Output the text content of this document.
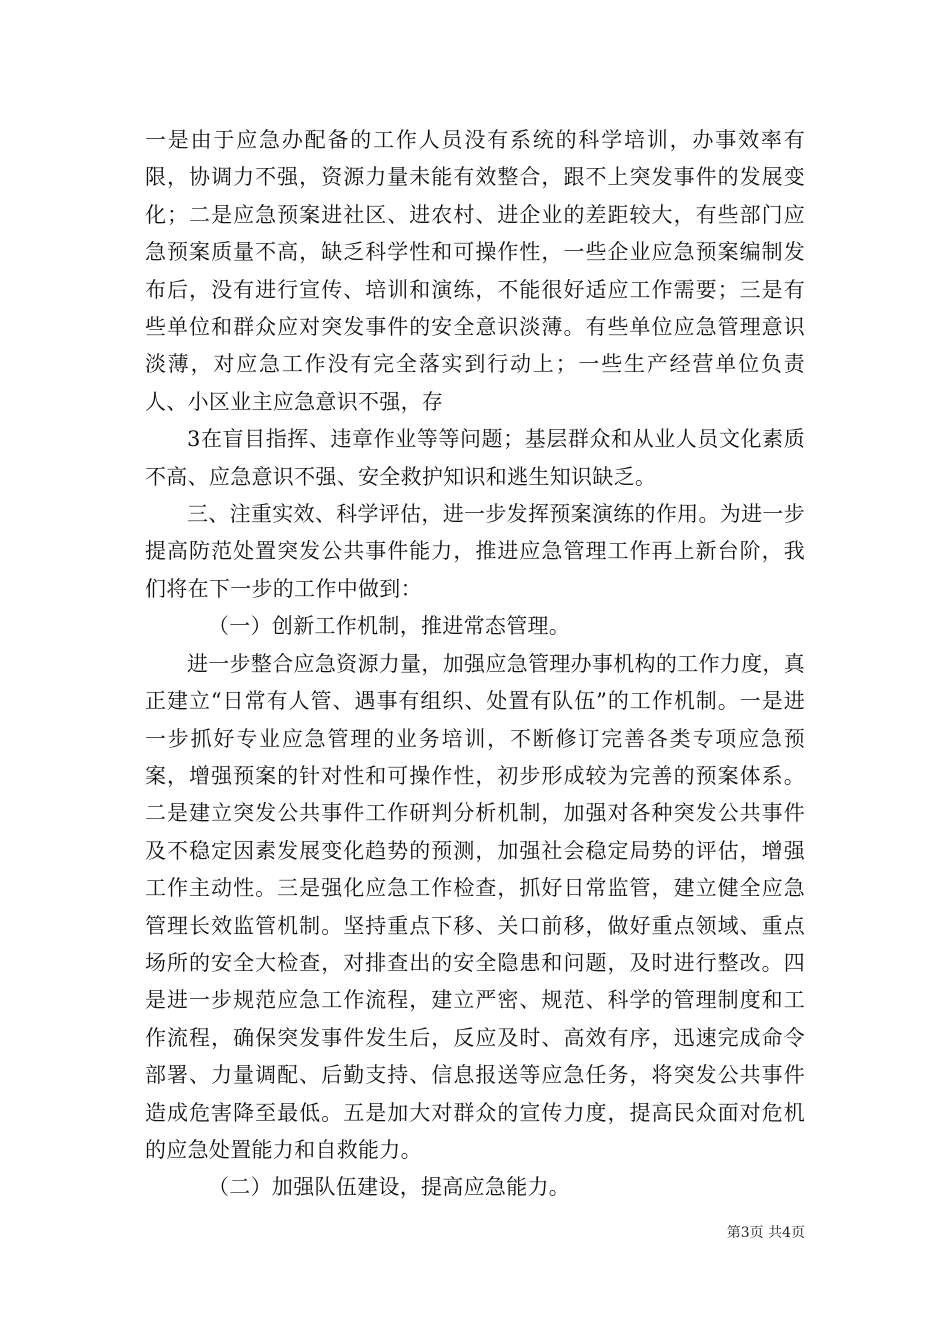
一是由于应急办配备的工作人员没有系统的科学培训，办事效率有限，协调力不强，资源力量未能有效整合，跟不上突发事件的发展变化；二是应急预案进社区、进农村、进企业的差距较大，有些部门应急预案质量不高，缺乏科学性和可操作性，一些企业应急预案编制发布后，没有进行宣传、培训和演练，不能很好适应工作需要；三是有些单位和群众应对突发事件的安全意识淡薄。有些单位应急管理意识淡薄，对应急工作没有完全落实到行动上；一些生产经营单位负责人、小区业主应急意识不强，存

3在盲目指挥、违章作业等等问题；基层群众和从业人员文化素质不高、应急意识不强、安全救护知识和逃生知识缺乏。

三、注重实效、科学评估，进一步发挥预案演练的作用。为进一步提高防范处置突发公共事件能力，推进应急管理工作再上新台阶，我们将在下一步的工作中做到：

（一）创新工作机制，推进常态管理。

进一步整合应急资源力量，加强应急管理办事机构的工作力度，真正建立“日常有人管、遇事有组织、处置有队伍”的工作机制。一是进一步抓好专业应急管理的业务培训，不断修订完善各类专项应急预案，增强预案的针对性和可操作性，初步形成较为完善的预案体系。二是建立突发公共事件工作研判分析机制，加强对各种突发公共事件及不稳定因素发展变化趋势的预测，加强社会稳定局势的评估，增强工作主动性。三是强化应急工作检查，抓好日常监管，建立健全应急管理长效监管机制。坚持重点下移、关口前移，做好重点领域、重点场所的安全大检查，对排查出的安全隐患和问题，及时进行整改。四是进一步规范应急工作流程，建立严密、规范、科学的管理制度和工作流程，确保突发事件发生后，反应及时、高效有序，迅速完成命令部署、力量调配、后勤支持、信息报送等应急任务，将突发公共事件造成危害降至最低。五是加大对群众的宣传力度，提高民众面对危机的应急处置能力和自救能力。

（二）加强队伍建设，提高应急能力。

第3页 共4页
